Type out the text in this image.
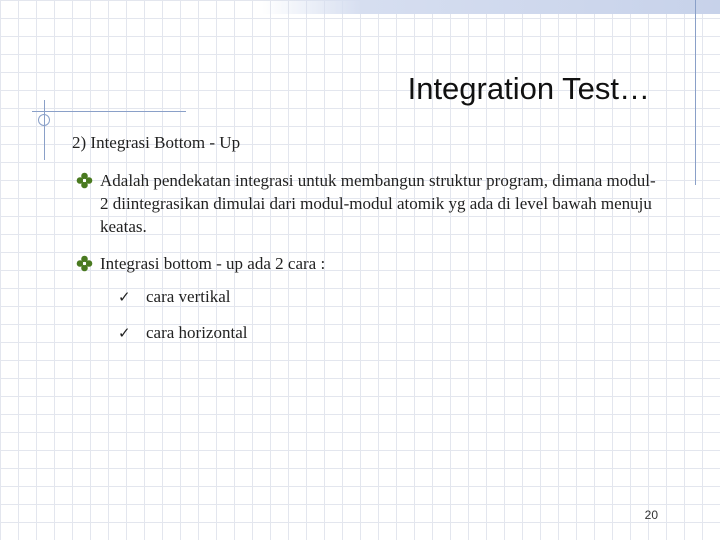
Integration Test…
2) Integrasi Bottom - Up
Adalah pendekatan integrasi untuk membangun struktur program, dimana modul-2 diintegrasikan dimulai dari modul-modul atomik yg ada di level bawah menuju keatas.
Integrasi bottom - up ada 2 cara :
✓ cara vertikal
✓ cara horizontal
20
